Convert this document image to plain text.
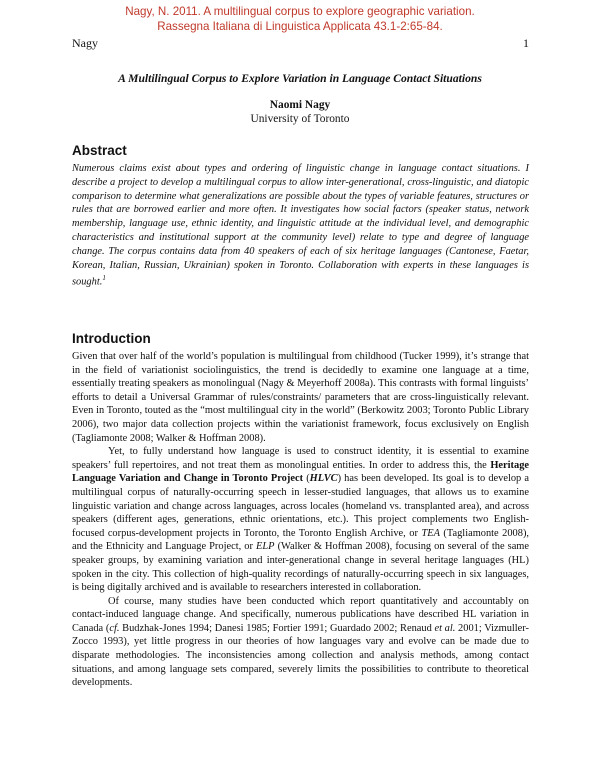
Nagy, N. 2011. A multilingual corpus to explore geographic variation.
Rassegna Italiana di Linguistica Applicata 43.1-2:65-84.
Nagy	1
A Multilingual Corpus to Explore Variation in Language Contact Situations
Naomi Nagy
University of Toronto
Abstract

Numerous claims exist about types and ordering of linguistic change in language contact situations. I describe a project to develop a multilingual corpus to allow inter-generational, cross-linguistic, and diatopic comparison to determine what generalizations are possible about the types of variable features, structures or rules that are borrowed earlier and more often. It investigates how social factors (speaker status, network membership, language use, ethnic identity, and linguistic attitude at the individual level, and demographic characteristics and institutional support at the community level) relate to type and degree of language change. The corpus contains data from 40 speakers of each of six heritage languages (Cantonese, Faetar, Korean, Italian, Russian, Ukrainian) spoken in Toronto. Collaboration with experts in these languages is sought.$^1$

Introduction

Given that over half of the world’s population is multilingual from childhood (Tucker 1999), it’s strange that in the field of variationist sociolinguistics, the trend is decidedly to examine one language at a time, essentially treating speakers as monolingual (Nagy & Meyerhoff 2008a). This contrasts with formal linguists’ efforts to detail a Universal Grammar of rules/constraints/ parameters that are cross-linguistically relevant. Even in Toronto, touted as the “most multilingual city in the world” (Berkowitz 2003; Toronto Public Library 2006), two major data collection projects within the variationist framework, focus exclusively on English (Tagliamonte 2008; Walker & Hoffman 2008).

Yet, to fully understand how language is used to construct identity, it is essential to examine speakers’ full repertoires, and not treat them as monolingual entities. In order to address this, the Heritage Language Variation and Change in Toronto Project (HLVC) has been developed. Its goal is to develop a multilingual corpus of naturally-occurring speech in lesser-studied languages, that allows us to examine linguistic variation and change across languages, across locales (homeland vs. transplanted area), and across speakers (different ages, generations, ethnic orientations, etc.). This project complements two English-focused corpus-development projects in Toronto, the Toronto English Archive, or TEA (Tagliamonte 2008), and the Ethnicity and Language Project, or ELP (Walker & Hoffman 2008), focusing on several of the same speaker groups, by examining variation and inter-generational change in several heritage languages (HL) spoken in the city. This collection of high-quality recordings of naturally-occurring speech in six languages, is being digitally archived and is available to researchers interested in collaboration.

Of course, many studies have been conducted which report quantitatively and accountably on contact-induced language change. And specifically, numerous publications have described HL variation in Canada (cf. Budzhak-Jones 1994; Danesi 1985; Fortier 1991; Guardado 2002; Renaud et al. 2001; Vizmuller-Zocco 1993), yet little progress in our theories of how languages vary and evolve can be made due to disparate methodologies. The inconsistencies among collection and analysis methods, among contact situations, and among language sets compared, severely limits the possibilities to contribute to theoretical developments.
